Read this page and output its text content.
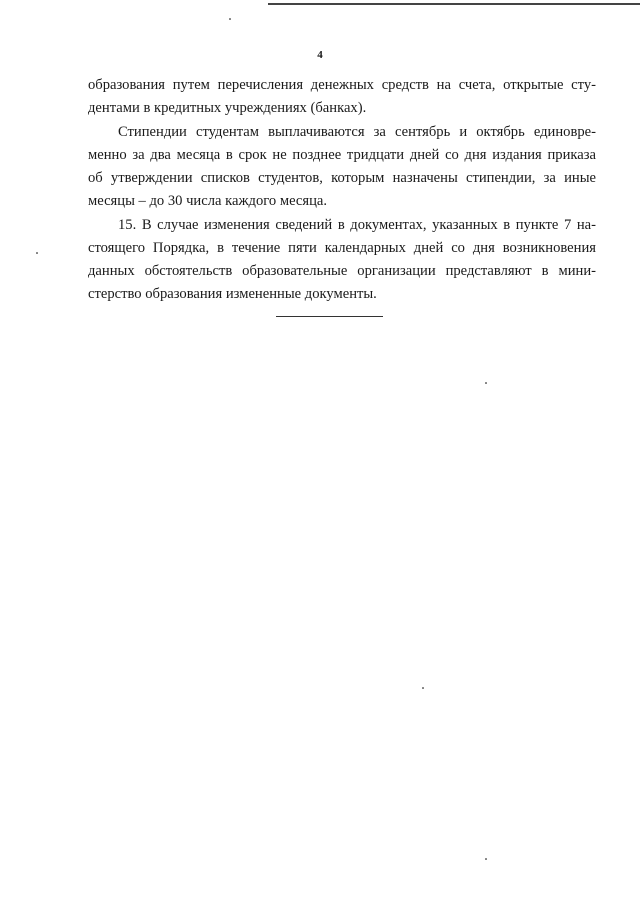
4
образования путем перечисления денежных средств на счета, открытые сту-
дентами в кредитных учреждениях (банках).
Стипендии студентам выплачиваются за сентябрь и октябрь единовре-
менно за два месяца в срок не позднее тридцати дней со дня издания приказа
об утверждении списков студентов, которым назначены стипендии, за иные
месяцы – до 30 числа каждого месяца.
15. В случае изменения сведений в документах, указанных в пункте 7 на-
стоящего Порядка, в течение пяти календарных дней со дня возникновения
данных обстоятельств образовательные организации представляют в мини-
стерство образования измененные документы.
